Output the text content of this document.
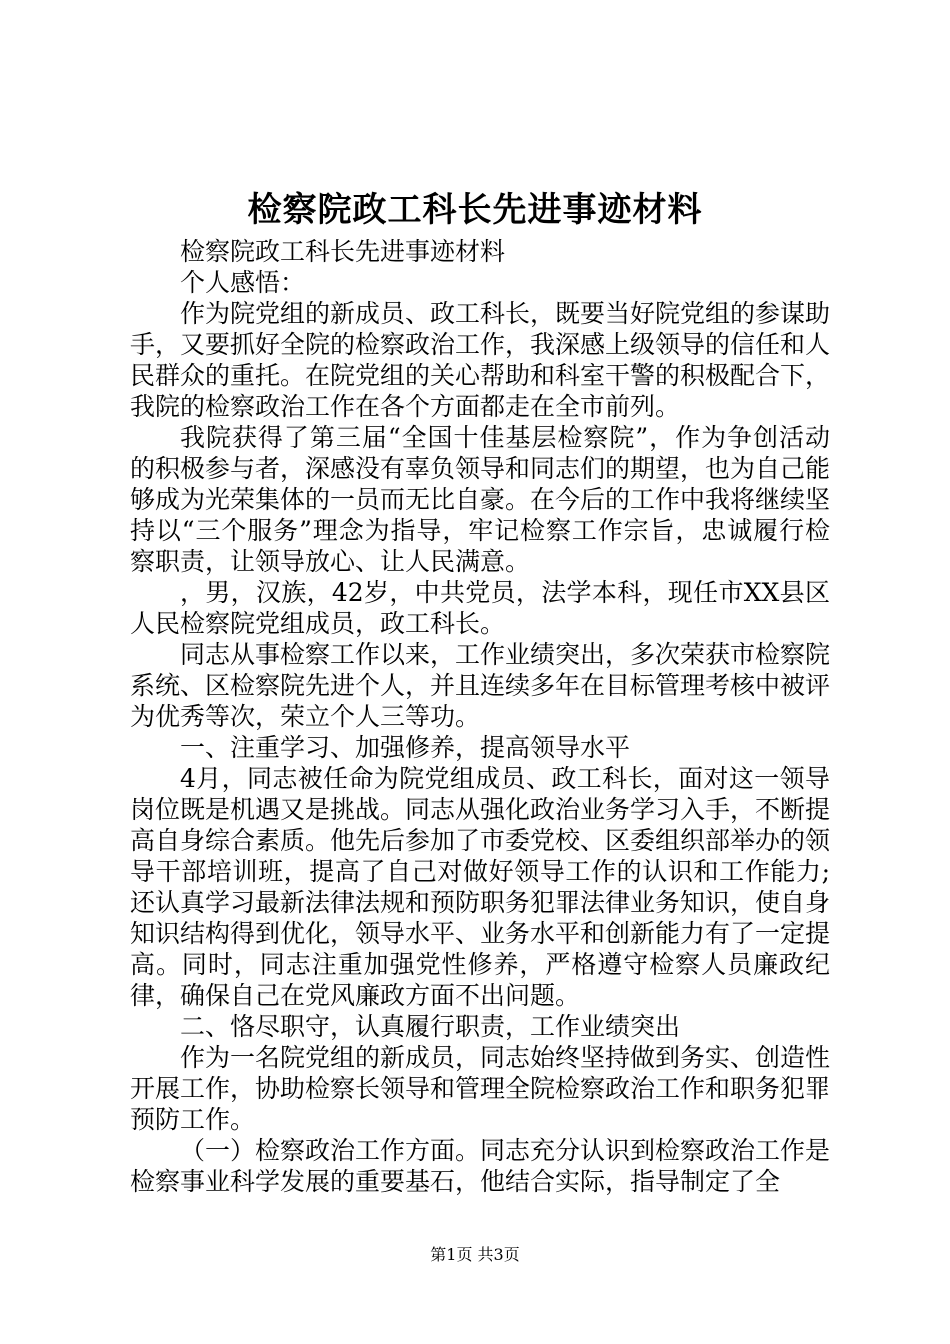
检察院政工科长先进事迹材料

检察院政工科长先进事迹材料

个人感悟：

作为院党组的新成员、政工科长，既要当好院党组的参谋助手，又要抓好全院的检察政治工作，我深感上级领导的信任和人民群众的重托。在院党组的关心帮助和科室干警的积极配合下，我院的检察政治工作在各个方面都走在全市前列。

我院获得了第三届“全国十佳基层检察院”，作为争创活动的积极参与者，深感没有辜负领导和同志们的期望，也为自己能够成为光荣集体的一员而无比自豪。在今后的工作中我将继续坚持以“三个服务”理念为指导，牢记检察工作宗旨，忠诚履行检察职责，让领导放心、让人民满意。

，男，汉族，42岁，中共党员，法学本科，现任市XX县区人民检察院党组成员，政工科长。

同志从事检察工作以来，工作业绩突出，多次荣获市检察院系统、区检察院先进个人，并且连续多年在目标管理考核中被评为优秀等次，荣立个人三等功。

一、注重学习、加强修养，提高领导水平

4月，同志被任命为院党组成员、政工科长，面对这一领导岗位既是机遇又是挑战。同志从强化政治业务学习入手，不断提高自身综合素质。他先后参加了市委党校、区委组织部举办的领导干部培训班，提高了自己对做好领导工作的认识和工作能力;还认真学习最新法律法规和预防职务犯罪法律业务知识，使自身知识结构得到优化，领导水平、业务水平和创新能力有了一定提高。同时，同志注重加强党性修养，严格遵守检察人员廉政纪律，确保自己在党风廉政方面不出问题。

二、恪尽职守，认真履行职责，工作业绩突出

作为一名院党组的新成员，同志始终坚持做到务实、创造性开展工作，协助检察长领导和管理全院检察政治工作和职务犯罪预防工作。

（一）检察政治工作方面。同志充分认识到检察政治工作是检察事业科学发展的重要基石，他结合实际，指导制定了全

第1页 共3页
